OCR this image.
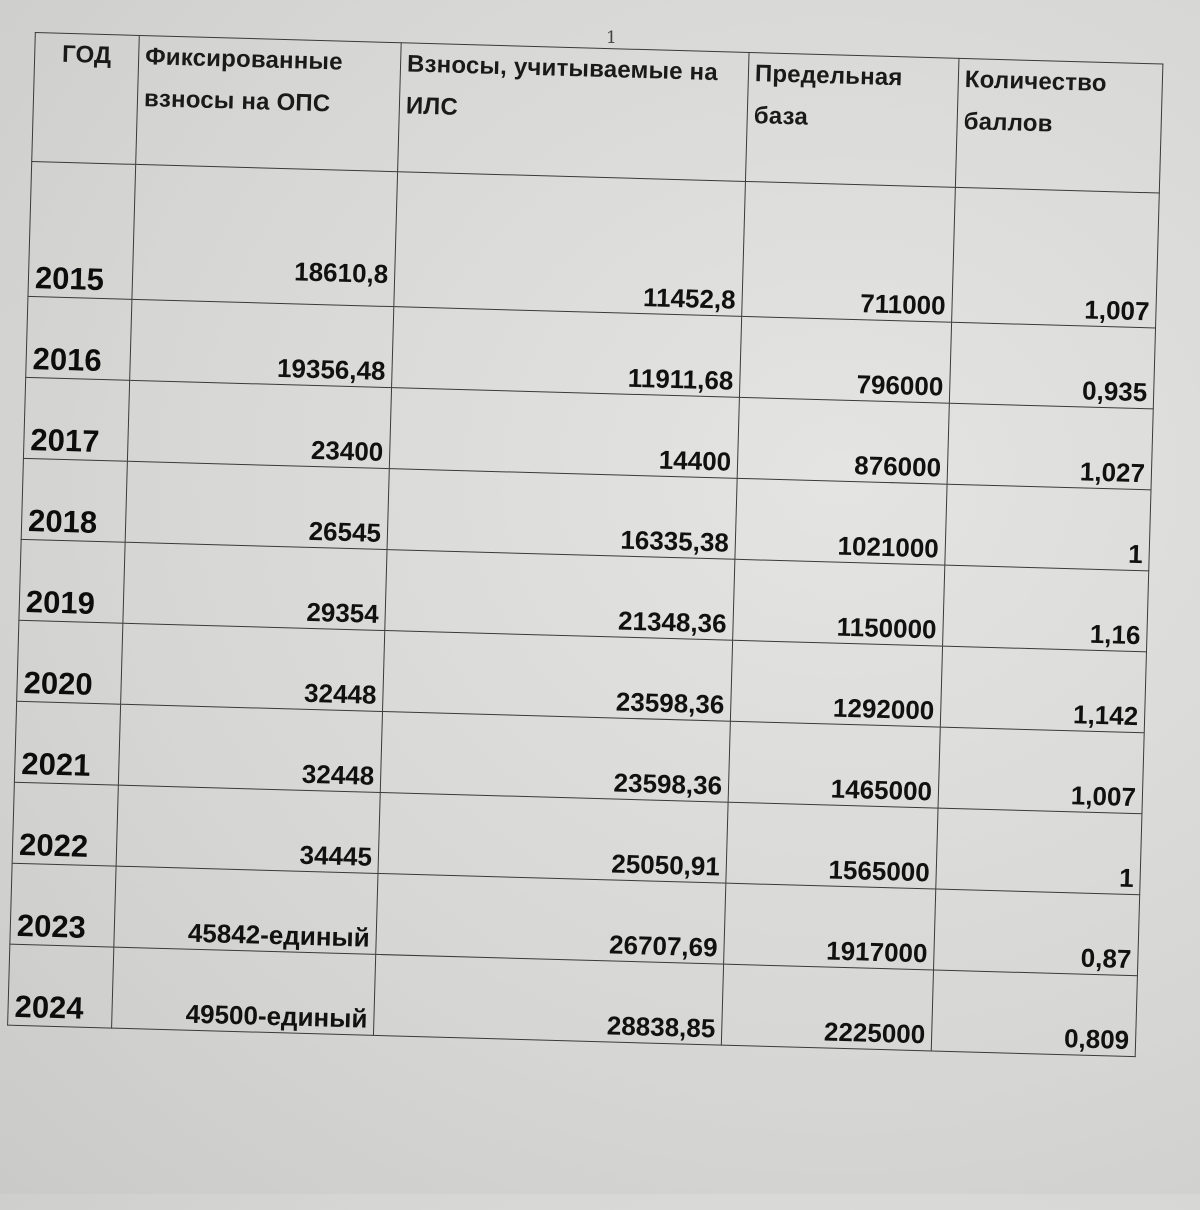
1
ГОД	Фиксированные взносы на ОПС	Взносы, учитываемые на ИЛС	Предельная база	Количество баллов
2015	18610,8	11452,8	711000	1,007
2016	19356,48	11911,68	796000	0,935
2017	23400	14400	876000	1,027
2018	26545	16335,38	1021000	1
2019	29354	21348,36	1150000	1,16
2020	32448	23598,36	1292000	1,142
2021	32448	23598,36	1465000	1,007
2022	34445	25050,91	1565000	1
2023	45842-единый	26707,69	1917000	0,87
2024	49500-единый	28838,85	2225000	0,809
